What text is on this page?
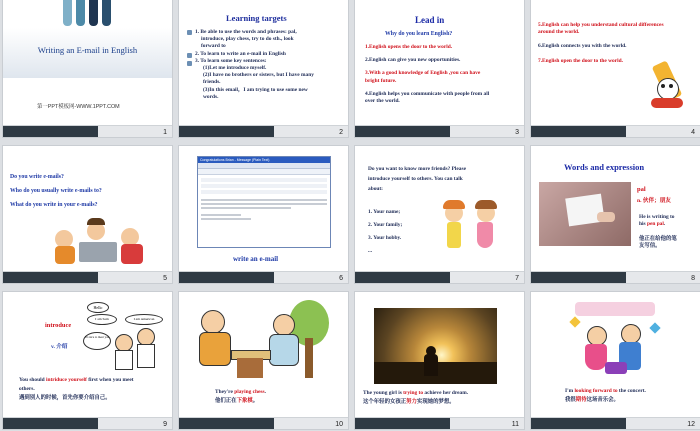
Writing an E-mail in English
第一PPT模板网-WWW.1PPT.COM
1
Learning targets
1. Be able to use the words and phrases: pal,
introduce, play chess, try to do sth., look
forward to
2. To learn to write an e-mail in English
3. To learn some key sentences:
(1)Let me introduce myself.
(2)I have no brothers or sisters, but I have many
friends.
(3)In this email，I am trying to use some new
words.
2
Lead in
Why do you learn English?
1.English opens the door to the world.
2.English can give you new opportunities.
3.With a good knowledge of English ,you can have
bright future.
4.English helps you communicate with people from all
over the world.
3
5.English can help you understand cultural differences
around the world.
6.English connects you with the world.
7.English open the door to the world.
4
Do you write e-mails?
Who do you usually write e-mails to?
What do you write in your e-mails?
5
Congratulations Brian - Message (Plain Text)
write an e-mail
6
Do you want to know more friends? Please
introduce yourself to others. You can talk
about:
1. Your name;
2. Your family;
3. Your hobby.
...
7
Words and expression
pal
n. 伙伴；朋友
He is writing to
his pen pal.
他正在给他的笔
友写信。
8
introduce
v. 介绍
Hello
I am Sam	I am American
It's nice to meet you
You should intriduce yourself first when you meet
others.
遇到别人的时候，首先你要介绍自己。
9
They're playing chess.
他们正在下象棋。
10
The young girl is trying to achieve her dream.
这个年轻的女孩正努力实现她的梦想。
11
I'm looking forward to the concert.
我很期待这场音乐会。
12
